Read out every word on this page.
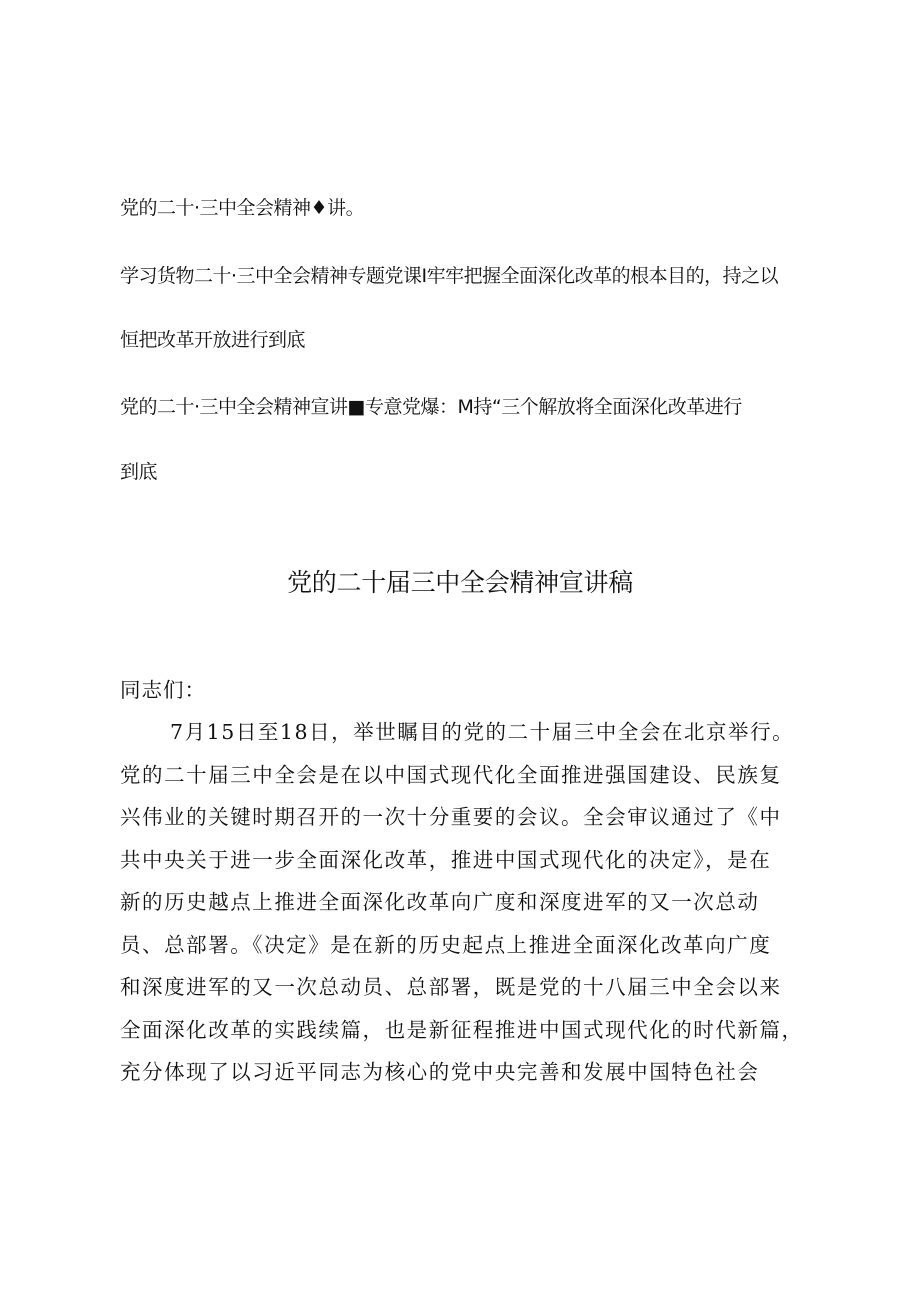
党的二十·三中全会精神♦讲。
学习货物二十·三中全会精神专题党课I牢牢把握全面深化改革的根本目的，持之以
恒把改革开放进行到底
党的二十·三中全会精神宣讲■专意党爆：M持“三个解放将全面深化改革进行
到底
党的二十届三中全会精神宣讲稿
同志们：
7月15日至18日，举世瞩目的党的二十届三中全会在北京举行。
党的二十届三中全会是在以中国式现代化全面推进强国建设、民族复
兴伟业的关键时期召开的一次十分重要的会议。全会审议通过了《中
共中央关于进一步全面深化改革，推进中国式现代化的决定》，是在
新的历史越点上推进全面深化改革向广度和深度进军的又一次总动
员、总部署。《决定》是在新的历史起点上推进全面深化改革向广度
和深度进军的又一次总动员、总部署，既是党的十八届三中全会以来
全面深化改革的实践续篇，也是新征程推进中国式现代化的时代新篇，
充分体现了以习近平同志为核心的党中央完善和发展中国特色社会
